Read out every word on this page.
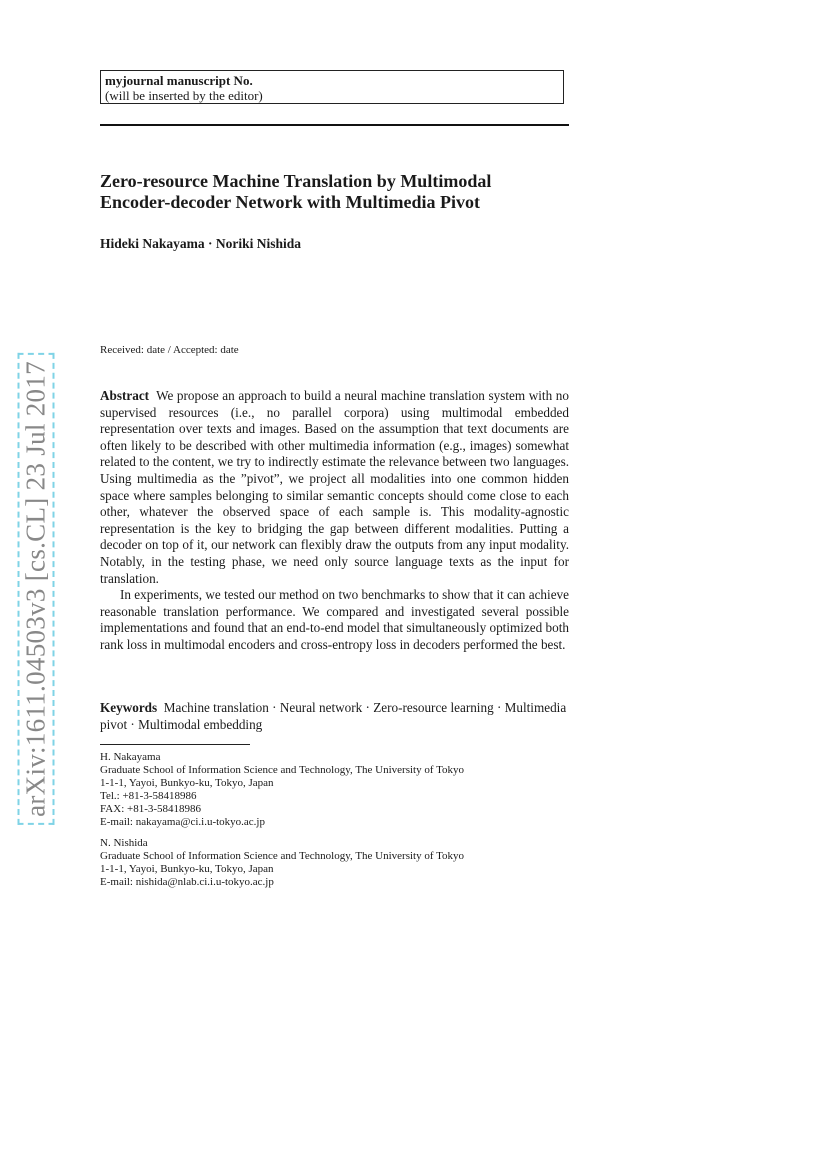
myjournal manuscript No.
(will be inserted by the editor)
Zero-resource Machine Translation by Multimodal
Encoder-decoder Network with Multimedia Pivot
Hideki Nakayama · Noriki Nishida
Received: date / Accepted: date

Abstract We propose an approach to build a neural machine translation system with no supervised resources (i.e., no parallel corpora) using multimodal embedded representation over texts and images. Based on the assumption that text documents are often likely to be described with other multimedia information (e.g., images) somewhat related to the content, we try to indirectly estimate the relevance between two languages. Using multimedia as the ”pivot”, we project all modalities into one common hidden space where samples belonging to similar semantic concepts should come close to each other, whatever the observed space of each sample is. This modality-agnostic representation is the key to bridging the gap between different modalities. Putting a decoder on top of it, our network can flexibly draw the outputs from any input modality. Notably, in the testing phase, we need only source language texts as the input for translation.

In experiments, we tested our method on two benchmarks to show that it can achieve reasonable translation performance. We compared and investigated several possible implementations and found that an end-to-end model that simultaneously optimized both rank loss in multimodal encoders and cross-entropy loss in decoders performed the best.

Keywords Machine translation · Neural network · Zero-resource learning · Multimedia pivot · Multimodal embedding
H. Nakayama
Graduate School of Information Science and Technology, The University of Tokyo
1-1-1, Yayoi, Bunkyo-ku, Tokyo, Japan
Tel.: +81-3-58418986
FAX: +81-3-58418986
E-mail: nakayama@ci.i.u-tokyo.ac.jp
N. Nishida
Graduate School of Information Science and Technology, The University of Tokyo
1-1-1, Yayoi, Bunkyo-ku, Tokyo, Japan
E-mail: nishida@nlab.ci.i.u-tokyo.ac.jp
arXiv:1611.04503v3 [cs.CL] 23 Jul 2017
